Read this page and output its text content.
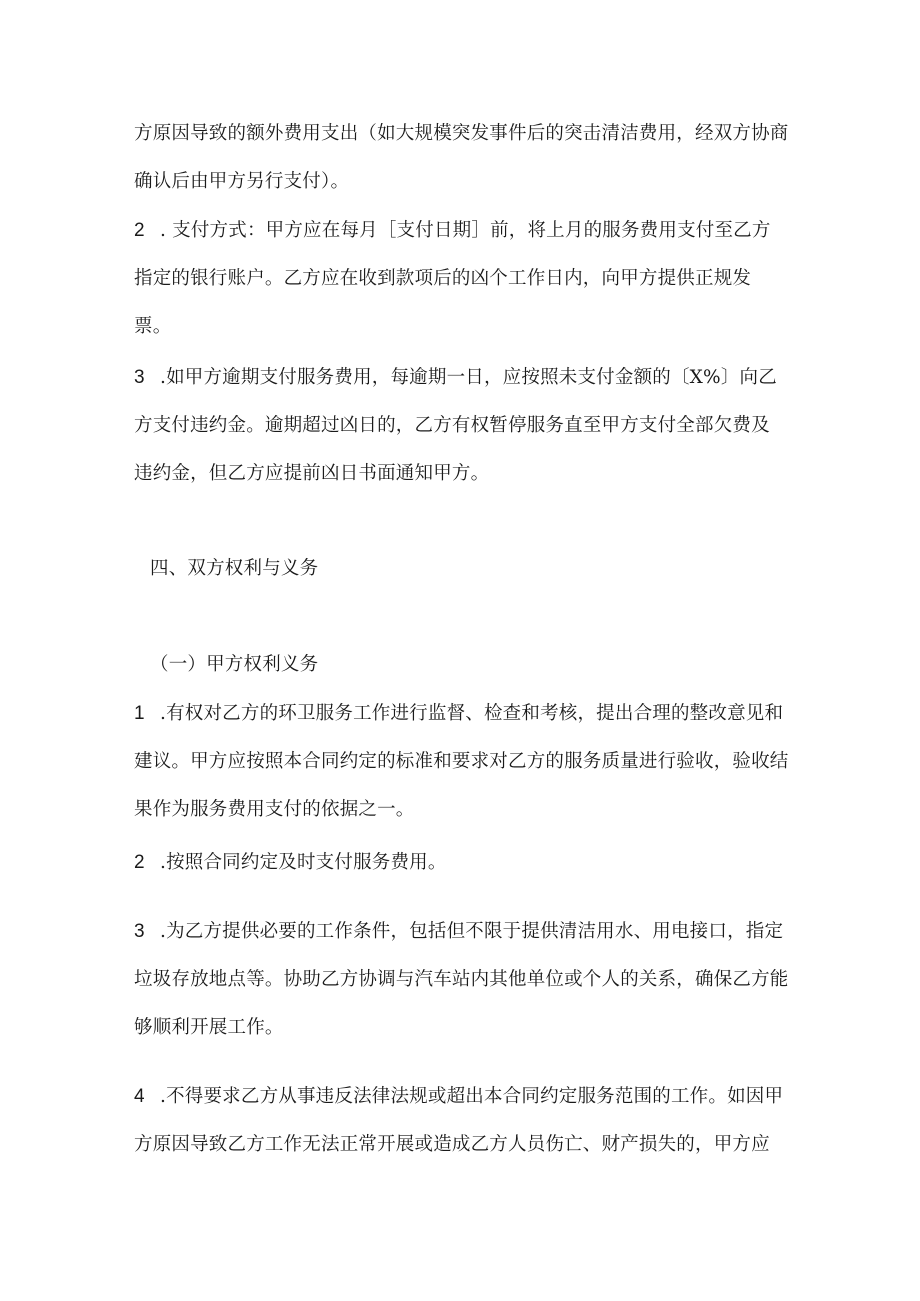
方原因导致的额外费用支出（如大规模突发事件后的突击清洁费用，经双方协商
确认后由甲方另行支付）。
2 . 支付方式：甲方应在每月［支付日期］前，将上月的服务费用支付至乙方
指定的银行账户。乙方应在收到款项后的凶个工作日内，向甲方提供正规发
票。
3 .如甲方逾期支付服务费用，每逾期一日，应按照未支付金额的〔X%〕向乙
方支付违约金。逾期超过凶日的，乙方有权暂停服务直至甲方支付全部欠费及
违约金，但乙方应提前凶日书面通知甲方。
四、双方权利与义务
（一）甲方权利义务
1 .有权对乙方的环卫服务工作进行监督、检查和考核，提出合理的整改意见和
建议。甲方应按照本合同约定的标准和要求对乙方的服务质量进行验收，验收结
果作为服务费用支付的依据之一。
2 .按照合同约定及时支付服务费用。
3 .为乙方提供必要的工作条件，包括但不限于提供清洁用水、用电接口，指定
垃圾存放地点等。协助乙方协调与汽车站内其他单位或个人的关系，确保乙方能
够顺利开展工作。
4 .不得要求乙方从事违反法律法规或超出本合同约定服务范围的工作。如因甲
方原因导致乙方工作无法正常开展或造成乙方人员伤亡、财产损失的，甲方应
